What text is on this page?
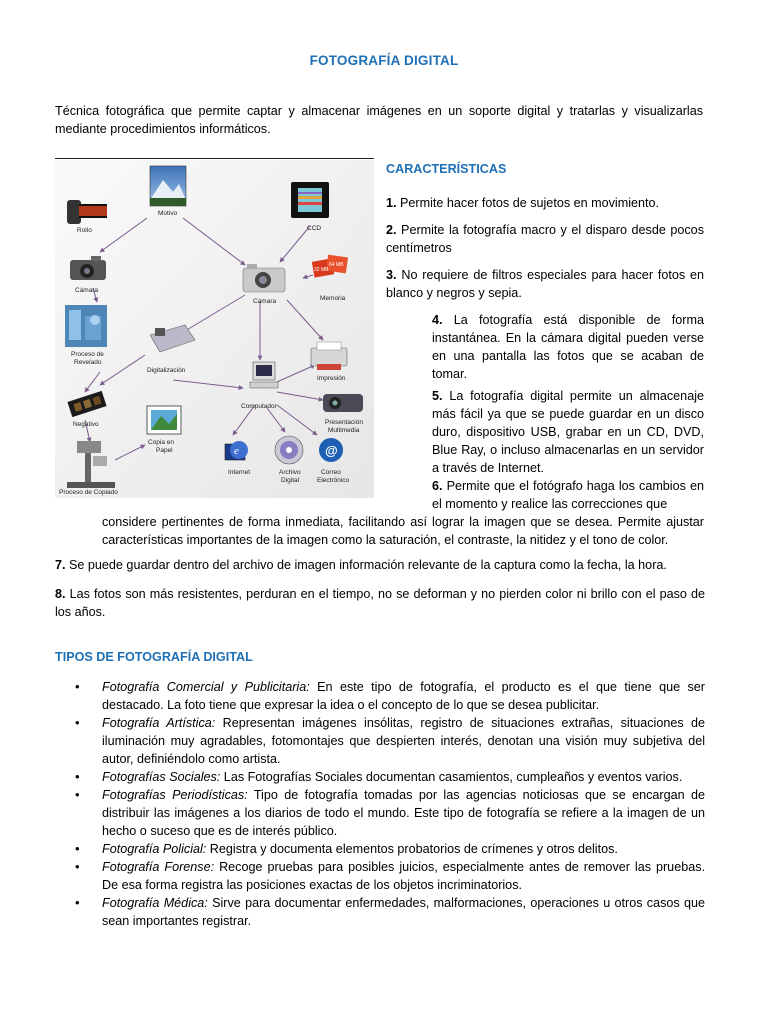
FOTOGRAFÍA DIGITAL
Técnica fotográfica que permite captar y almacenar imágenes en un soporte digital y tratarlas y visualizarlas mediante procedimientos informáticos.
Rollo
Motivo
CCD
Cámara
Cámara
32 MB
64 MB
Memoria
Proceso de
Revelado
Digitalización
Impresión
Computador
Negativo
Copia en
Papel
Presentación
Multimedia
e
Internet	Archivo
Digital
@
Correo
Electrónico
Proceso de Copiado
CARACTERÍSTICAS
1. Permite hacer fotos de sujetos en movimiento.
2. Permite la fotografía macro y el disparo desde pocos centímetros
3. No requiere de filtros especiales para hacer fotos en blanco y negros y sepia.
4. La fotografía está disponible de forma instantánea. En la cámara digital pueden verse en una pantalla las fotos que se acaban de tomar.
5. La fotografía digital permite un almacenaje más fácil ya que se puede guardar en un disco duro, dispositivo USB, grabar en un CD, DVD, Blue Ray, o incluso almacenarlas en un servidor a través de Internet.
6. Permite que el fotógrafo haga los cambios en el momento y realice las correcciones que
considere pertinentes de forma inmediata, facilitando así lograr la imagen que se desea. Permite ajustar características importantes de la imagen como la saturación, el contraste, la nitidez y el tono de color.
7. Se puede guardar dentro del archivo de imagen información relevante de la captura como la fecha, la hora.
8. Las fotos son más resistentes, perduran en el tiempo, no se deforman y no pierden color ni brillo con el paso de los años.
TIPOS DE FOTOGRAFÍA DIGITAL
• Fotografía Comercial y Publicitaria: En este tipo de fotografía, el producto es el que tiene que ser destacado. La foto tiene que expresar la idea o el concepto de lo que se desea publicitar.
• Fotografía Artística: Representan imágenes insólitas, registro de situaciones extrañas, situaciones de iluminación muy agradables, fotomontajes que despierten interés, denotan una visión muy subjetiva del autor, definiéndolo como artista.
• Fotografías Sociales: Las Fotografías Sociales documentan casamientos, cumpleaños y eventos varios.
• Fotografías Periodísticas: Tipo de fotografía tomadas por las agencias noticiosas que se encargan de distribuir las imágenes a los diarios de todo el mundo. Este tipo de fotografía se refiere a la imagen de un hecho o suceso que es de interés público.
• Fotografía Policial: Registra y documenta elementos probatorios de crímenes y otros delitos.
• Fotografía Forense: Recoge pruebas para posibles juicios, especialmente antes de remover las pruebas. De esa forma registra las posiciones exactas de los objetos incriminatorios.
• Fotografía Médica: Sirve para documentar enfermedades, malformaciones, operaciones u otros casos que sean importantes registrar.
